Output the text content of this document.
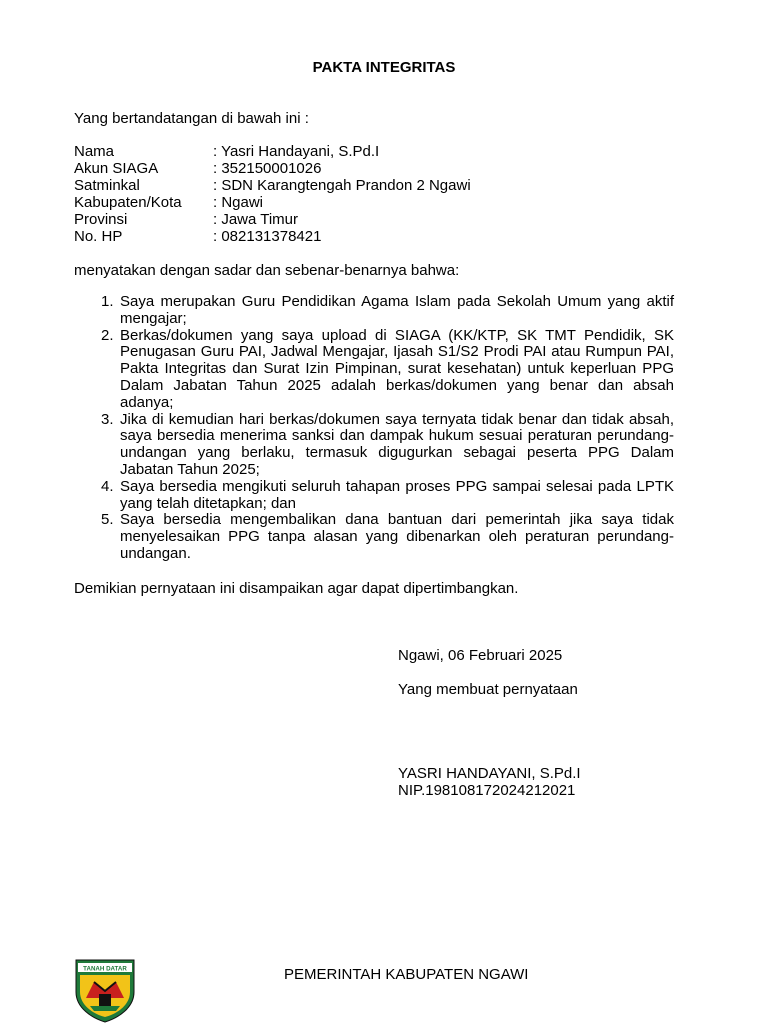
PAKTA INTEGRITAS
Yang bertandatangan di bawah ini :
Nama	: Yasri Handayani, S.Pd.I
Akun SIAGA	: 352150001026
Satminkal	: SDN Karangtengah Prandon 2 Ngawi
Kabupaten/Kota	: Ngawi
Provinsi	: Jawa Timur
No. HP	: 082131378421
menyatakan dengan sadar dan sebenar-benarnya bahwa:
1. Saya merupakan Guru Pendidikan Agama Islam pada Sekolah Umum yang aktif mengajar;
2. Berkas/dokumen yang saya upload di SIAGA (KK/KTP, SK TMT Pendidik, SK Penugasan Guru PAI, Jadwal Mengajar, Ijasah S1/S2 Prodi PAI atau Rumpun PAI, Pakta Integritas dan Surat Izin Pimpinan, surat kesehatan) untuk keperluan PPG Dalam Jabatan Tahun 2025 adalah berkas/dokumen yang benar dan absah adanya;
3. Jika di kemudian hari berkas/dokumen saya ternyata tidak benar dan tidak absah, saya bersedia menerima sanksi dan dampak hukum sesuai peraturan perundang-undangan yang berlaku, termasuk digugurkan sebagai peserta PPG Dalam Jabatan Tahun 2025;
4. Saya bersedia mengikuti seluruh tahapan proses PPG sampai selesai pada LPTK yang telah ditetapkan; dan
5. Saya bersedia mengembalikan dana bantuan dari pemerintah jika saya tidak menyelesaikan PPG tanpa alasan yang dibenarkan oleh peraturan perundang-undangan.
Demikian pernyataan ini disampaikan agar dapat dipertimbangkan.
Ngawi, 06 Februari 2025
Yang membuat pernyataan
YASRI HANDAYANI, S.Pd.I
NIP.198108172024212021
TANAH DATAR	PEMERINTAH KABUPATEN NGAWI
